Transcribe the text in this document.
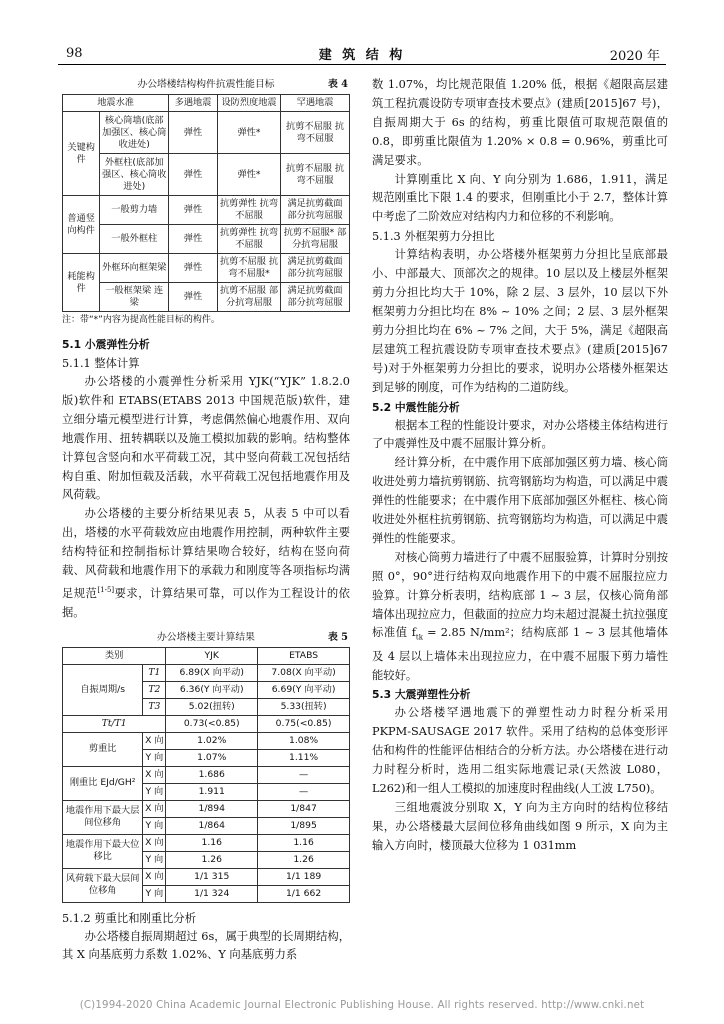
98	建 筑 结 构	2020 年
办公塔楼结构构件抗震性能目标	表 4
地震水准		多遇地震	设防烈度地震	罕遇地震
关键构件	核心筒墙(底部加强区、核心筒收进处)	弹性	弹性*	抗剪不屈服 抗弯不屈服
	外框柱(底部加强区、核心筒收进处)	弹性	弹性*	抗剪不屈服 抗弯不屈服
普通竖向构件	一般剪力墙	弹性	抗剪弹性 抗弯不屈服	满足抗剪截面 部分抗弯屈服
	一般外框柱	弹性	抗剪弹性 抗弯不屈服	抗剪不屈服* 部分抗弯屈服
耗能构件	外框环向框架梁	弹性	抗剪不屈服 抗弯不屈服*	满足抗剪截面 部分抗弯屈服
	一般框架梁 连梁	弹性	抗剪不屈服 部分抗弯屈服	满足抗剪截面 部分抗弯屈服

注：带“*”内容为提高性能目标的构件。

5.1 小震弹性分析

5.1.1 整体计算

办公塔楼的小震弹性分析采用 YJK(“YJK” 1.8.2.0 版)软件和 ETABS(ETABS 2013 中国规范版)软件，建立细分墙元模型进行计算，考虑偶然偏心地震作用、双向地震作用、扭转耦联以及施工模拟加载的影响。结构整体计算包含竖向和水平荷载工况，其中竖向荷载工况包括结构自重、附加恒载及活载，水平荷载工况包括地震作用及风荷载。

办公塔楼的主要分析结果见表 5，从表 5 中可以看出，塔楼的水平荷载效应由地震作用控制，两种软件主要结构特征和控制指标计算结果吻合较好，结构在竖向荷载、风荷载和地震作用下的承载力和刚度等各项指标均满足规范[1-5]要求，计算结果可靠，可以作为工程设计的依据。

办公塔楼主要计算结果	表 5
类别		YJK	ETABS
自振周期/s	T1	6.89(X 向平动)	7.08(X 向平动)
	T2	6.36(Y 向平动)	6.69(Y 向平动)
	T3	5.02(扭转)	5.33(扭转)
Tt/T1		0.73(<0.85)	0.75(<0.85)
剪重比	X 向	1.02%	1.08%
	Y 向	1.07%	1.11%
刚重比 EJd/GH²	X 向	1.686	—
	Y 向	1.911	—
地震作用下最大层间位移角	X 向	1/894	1/847
	Y 向	1/864	1/895
地震作用下最大位移比	X 向	1.16	1.16
	Y 向	1.26	1.26
风荷载下最大层间位移角	X 向	1/1 315	1/1 189
	Y 向	1/1 324	1/1 662

5.1.2 剪重比和刚重比分析

办公塔楼自振周期超过 6s，属于典型的长周期结构，其 X 向基底剪力系数 1.02%、Y 向基底剪力系

数 1.07%，均比规范限值 1.20% 低，根据《超限高层建筑工程抗震设防专项审查技术要点》(建质[2015]67 号)，自振周期大于 6s 的结构，剪重比限值可取规范限值的 0.8，即剪重比限值为 1.20% × 0.8 = 0.96%，剪重比可满足要求。

计算刚重比 X 向、Y 向分别为 1.686，1.911，满足规范刚重比下限 1.4 的要求，但刚重比小于 2.7，整体计算中考虑了二阶效应对结构内力和位移的不利影响。

5.1.3 外框架剪力分担比

计算结构表明，办公塔楼外框架剪力分担比呈底部最小、中部最大、顶部次之的规律。10 层以及上楼层外框架剪力分担比均大于 10%，除 2 层、3 层外，10 层以下外框架剪力分担比均在 8% ~ 10% 之间；2 层、3 层外框架剪力分担比均在 6% ~ 7% 之间，大于 5%，满足《超限高层建筑工程抗震设防专项审查技术要点》(建质[2015]67 号)对于外框架剪力分担比的要求，说明办公塔楼外框架达到足够的刚度，可作为结构的二道防线。

5.2 中震性能分析

根据本工程的性能设计要求，对办公塔楼主体结构进行了中震弹性及中震不屈服计算分析。

经计算分析，在中震作用下底部加强区剪力墙、核心筒收进处剪力墙抗剪钢筋、抗弯钢筋均为构造，可以满足中震弹性的性能要求；在中震作用下底部加强区外框柱、核心筒收进处外框柱抗剪钢筋、抗弯钢筋均为构造，可以满足中震弹性的性能要求。

对核心筒剪力墙进行了中震不屈服验算，计算时分别按照 0°，90°进行结构双向地震作用下的中震不屈服拉应力验算。计算分析表明，结构底部 1 ~ 3 层，仅核心筒角部墙体出现拉应力，但截面的拉应力均未超过混凝土抗拉强度标准值 $f_{tk} = 2.85$ N/mm²；结构底部 1 ~ 3 层其他墙体及 4 层以上墙体未出现拉应力，在中震不屈服下剪力墙性能较好。

5.3 大震弹塑性分析

办公塔楼罕遇地震下的弹塑性动力时程分析采用 PKPM-SAUSAGE 2017 软件。采用了结构的总体变形评估和构件的性能评估相结合的分析方法。办公塔楼在进行动力时程分析时，选用二组实际地震记录(天然波 L080，L262)和一组人工模拟的加速度时程曲线(人工波 L750)。

三组地震波分别取 X，Y 向为主方向时的结构位移结果，办公塔楼最大层间位移角曲线如图 9 所示，X 向为主输入方向时，楼顶最大位移为 1 031mm

(C)1994-2020 China Academic Journal Electronic Publishing House. All rights reserved. http://www.cnki.net
